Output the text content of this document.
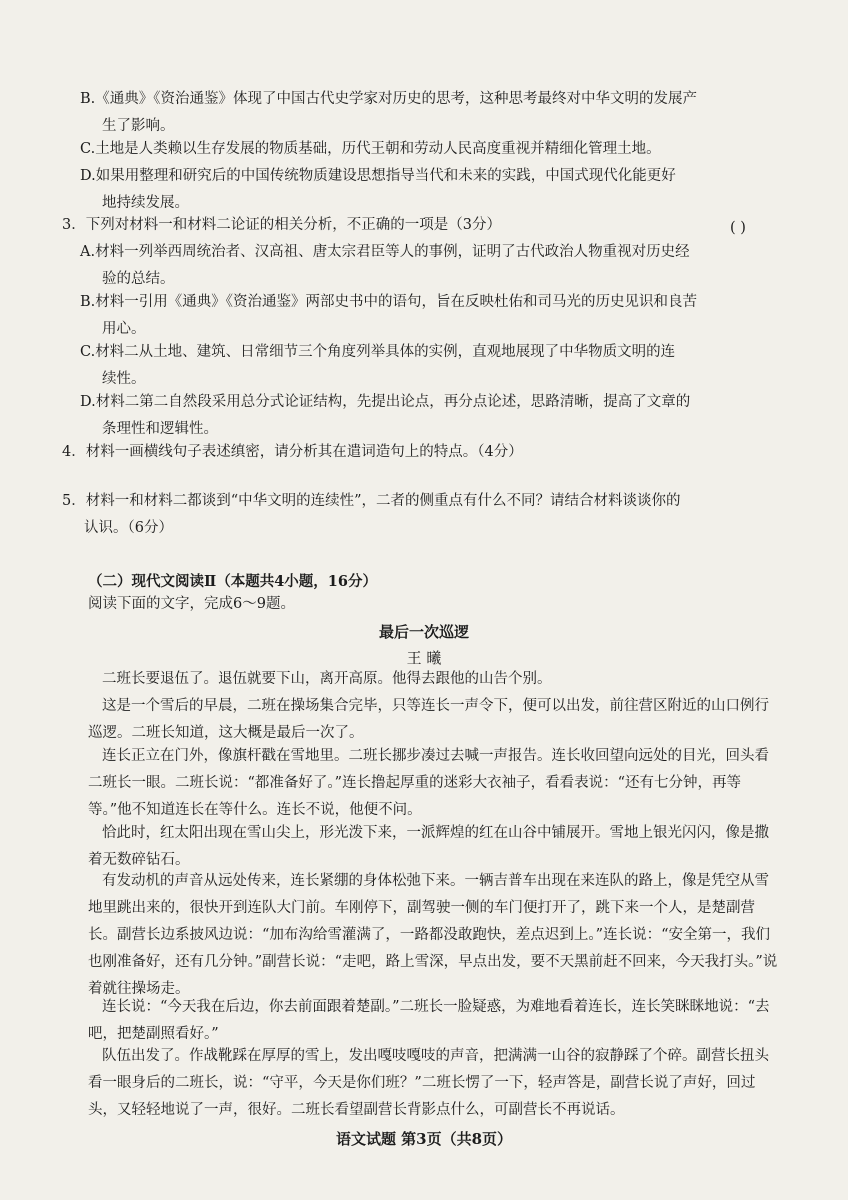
B.《通典》《资治通鉴》体现了中国古代史学家对历史的思考，这种思考最终对中华文明的发展产
生了影响。
C.土地是人类赖以生存发展的物质基础，历代王朝和劳动人民高度重视并精细化管理土地。
D.如果用整理和研究后的中国传统物质建设思想指导当代和未来的实践，中国式现代化能更好
地持续发展。
3．下列对材料一和材料二论证的相关分析，不正确的一项是（3分）	( )
A.材料一列举西周统治者、汉高祖、唐太宗君臣等人的事例，证明了古代政治人物重视对历史经
验的总结。
B.材料一引用《通典》《资治通鉴》两部史书中的语句，旨在反映杜佑和司马光的历史见识和良苦
用心。
C.材料二从土地、建筑、日常细节三个角度列举具体的实例，直观地展现了中华物质文明的连
续性。
D.材料二第二自然段采用总分式论证结构，先提出论点，再分点论述，思路清晰，提高了文章的
条理性和逻辑性。
4．材料一画横线句子表述缜密，请分析其在遣词造句上的特点。（4分）
5．材料一和材料二都谈到“中华文明的连续性”，二者的侧重点有什么不同？请结合材料谈谈你的
认识。（6分）
（二）现代文阅读Ⅱ（本题共4小题，16分）
阅读下面的文字，完成6～9题。
最后一次巡逻
王 曦
二班长要退伍了。退伍就要下山，离开高原。他得去跟他的山告个别。
这是一个雪后的早晨，二班在操场集合完毕，只等连长一声令下，便可以出发，前往营区附近的山口例行巡逻。二班长知道，这大概是最后一次了。
连长正立在门外，像旗杆戳在雪地里。二班长挪步凑过去喊一声报告。连长收回望向远处的目光，回头看二班长一眼。二班长说：“都准备好了。”连长撸起厚重的迷彩大衣袖子，看看表说：“还有七分钟，再等等。”他不知道连长在等什么。连长不说，他便不问。
恰此时，红太阳出现在雪山尖上，形光泼下来，一派辉煌的红在山谷中铺展开。雪地上银光闪闪，像是撒着无数碎钻石。
有发动机的声音从远处传来，连长紧绷的身体松弛下来。一辆吉普车出现在来连队的路上，像是凭空从雪地里跳出来的，很快开到连队大门前。车刚停下，副驾驶一侧的车门便打开了，跳下来一个人，是楚副营长。副营长边系披风边说：“加布沟给雪灌满了，一路都没敢跑快，差点迟到上。”连长说：“安全第一，我们也刚准备好，还有几分钟。”副营长说：“走吧，路上雪深，早点出发，要不天黑前赶不回来，今天我打头。”说着就往操场走。
连长说：“今天我在后边，你去前面跟着楚副。”二班长一脸疑惑，为难地看着连长，连长笑眯眯地说：“去吧，把楚副照看好。”
队伍出发了。作战靴踩在厚厚的雪上，发出嘎吱嘎吱的声音，把满满一山谷的寂静踩了个碎。副营长扭头看一眼身后的二班长，说：“守平，今天是你们班？”二班长愣了一下，轻声答是，副营长说了声好，回过头，又轻轻地说了一声，很好。二班长看望副营长背影点什么，可副营长不再说话。
语文试题 第3页（共8页）
